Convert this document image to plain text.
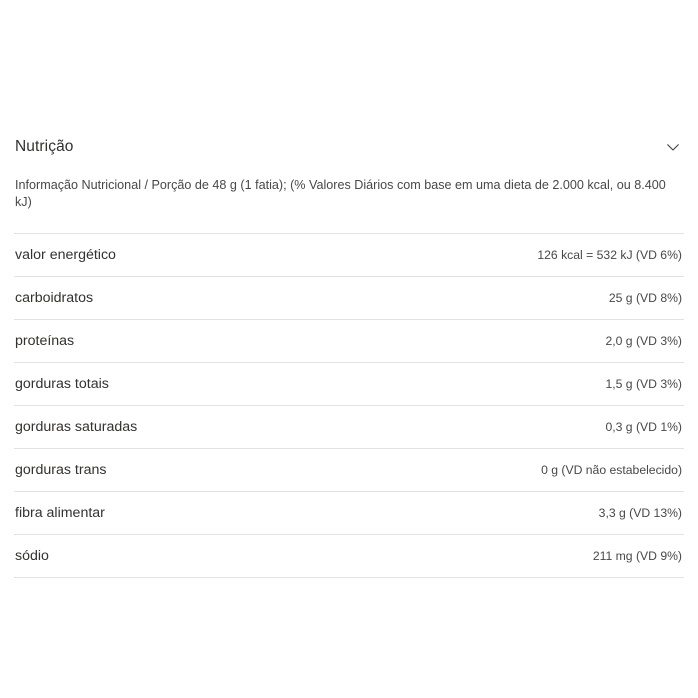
Nutrição
Informação Nutricional / Porção de 48 g (1 fatia); (% Valores Diários com base em uma dieta de 2.000 kcal, ou 8.400 kJ)
valor energético	126 kcal = 532 kJ (VD 6%)
carboidratos	25 g (VD 8%)
proteínas	2,0 g (VD 3%)
gorduras totais	1,5 g (VD 3%)
gorduras saturadas	0,3 g (VD 1%)
gorduras trans	0 g (VD não estabelecido)
fibra alimentar	3,3 g (VD 13%)
sódio	211 mg (VD 9%)
